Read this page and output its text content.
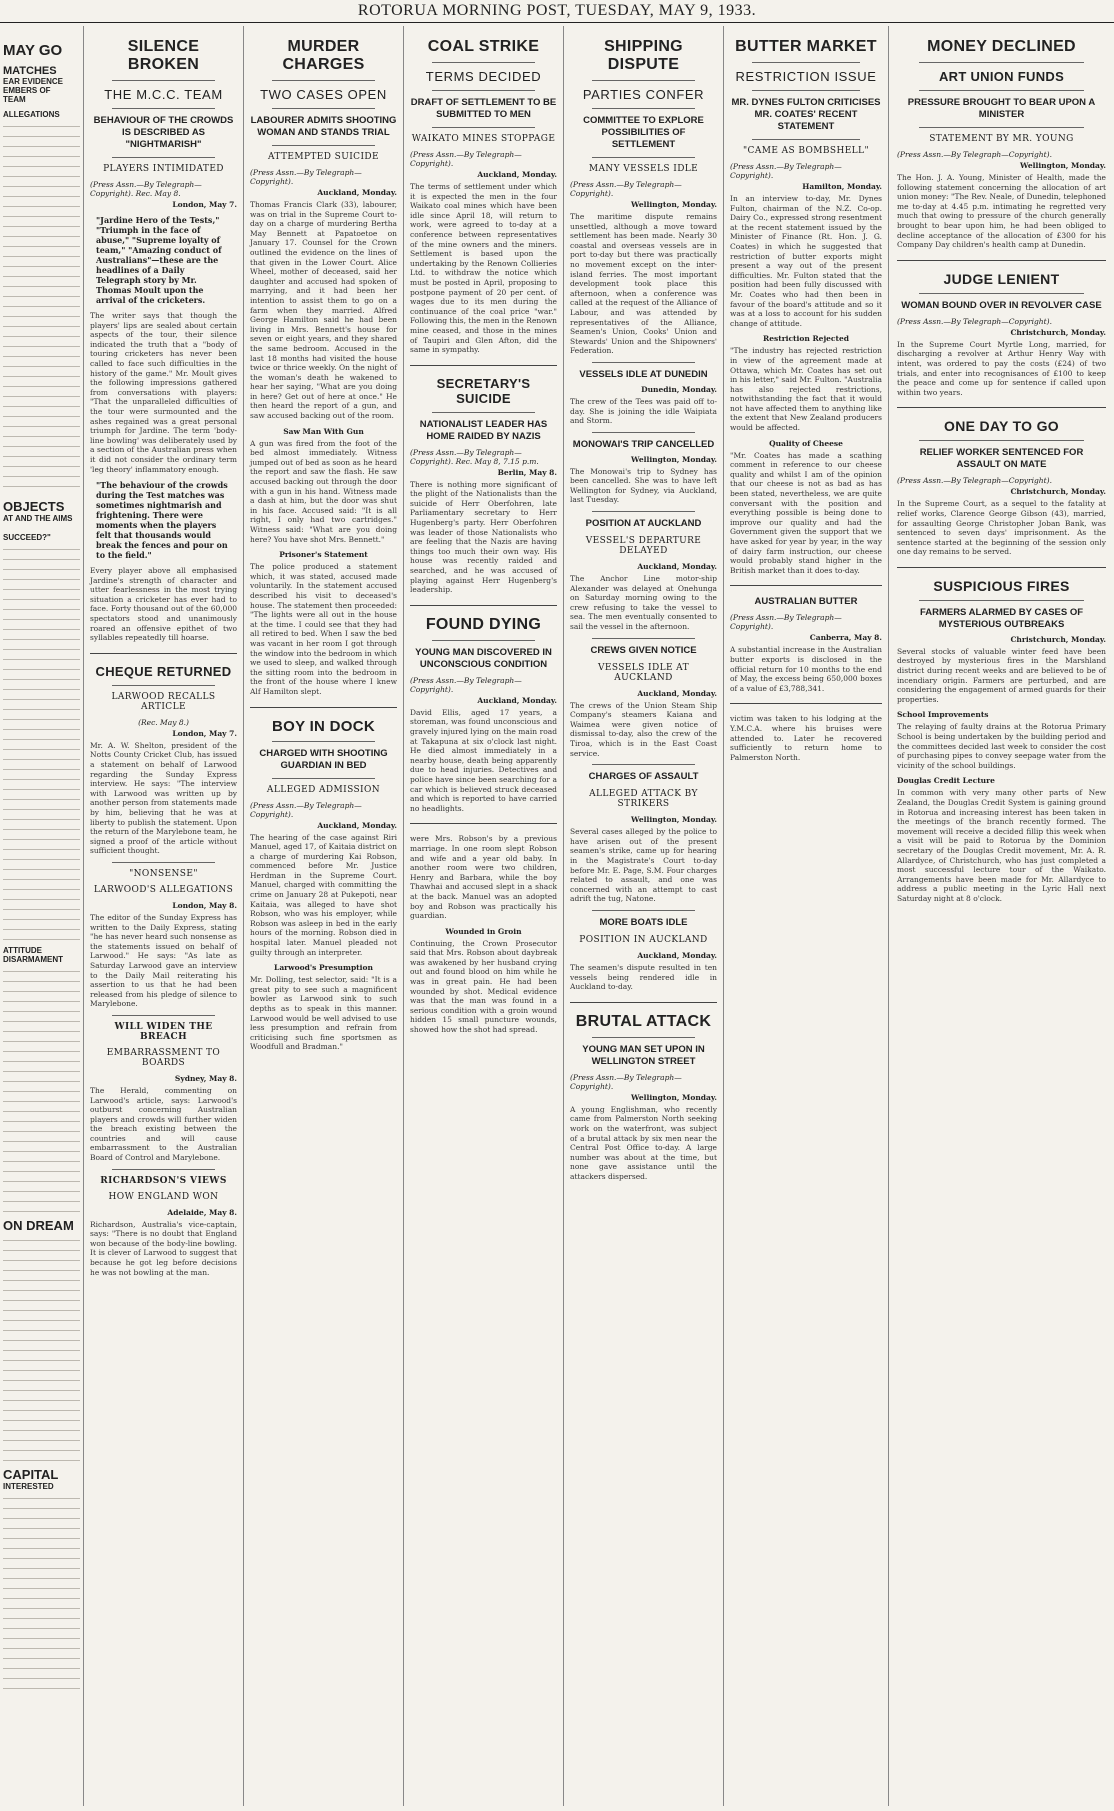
ROTORUA MORNING POST, TUESDAY, MAY 9, 1933.
MAY GO
MATCHES
EAR EVIDENCE
EMBERS OF
TEAM
ALLEGATIONS
OBJECTS
AT AND THE AIMS
SUCCEED?"
ATTITUDE
DISARMAMENT
ON DREAM
CAPITAL
INTERESTED
SILENCE BROKEN
THE M.C.C. TEAM
BEHAVIOUR OF THE CROWDS IS DESCRIBED AS "NIGHTMARISH"
PLAYERS INTIMIDATED
(Press Assn.—By Telegraph—Copyright). Rec. May 8.
London, May 7.
"Jardine Hero of the Tests," "Triumph in the face of abuse," "Supreme loyalty of team," "Amazing conduct of Australians"—these are the headlines of a Daily Telegraph story by Mr. Thomas Moult upon the arrival of the cricketers.
The writer says that though the players' lips are sealed about certain aspects of the tour, their silence indicated the truth that a "body of touring cricketers has never been called to face such difficulties in the history of the game." Mr. Moult gives the following impressions gathered from conversations with players: "That the unparalleled difficulties of the tour were surmounted and the ashes regained was a great personal triumph for Jardine. The term 'body-line bowling' was deliberately used by a section of the Australian press when it did not consider the ordinary term 'leg theory' inflammatory enough.
"The behaviour of the crowds during the Test matches was sometimes nightmarish and frightening. There were moments when the players felt that thousands would break the fences and pour on to the field."
Every player above all emphasised Jardine's strength of character and utter fearlessness in the most trying situation a cricketer has ever had to face. Forty thousand out of the 60,000 spectators stood and unanimously roared an offensive epithet of two syllables repeatedly till hoarse.
CHEQUE RETURNED
LARWOOD RECALLS ARTICLE
(Rec. May 8.)
London, May 7.
Mr. A. W. Shelton, president of the Notts County Cricket Club, has issued a statement on behalf of Larwood regarding the Sunday Express interview. He says: "The interview with Larwood was written up by another person from statements made by him, believing that he was at liberty to publish the statement. Upon the return of the Marylebone team, he signed a proof of the article without sufficient thought.
"NONSENSE"
LARWOOD'S ALLEGATIONS
London, May 8.
The editor of the Sunday Express has written to the Daily Express, stating "he has never heard such nonsense as the statements issued on behalf of Larwood." He says: "As late as Saturday Larwood gave an interview to the Daily Mail reiterating his assertion to us that he had been released from his pledge of silence to Marylebone.
WILL WIDEN THE BREACH
EMBARRASSMENT TO BOARDS
Sydney, May 8.
The Herald, commenting on Larwood's article, says: Larwood's outburst concerning Australian players and crowds will further widen the breach existing between the countries and will cause embarrassment to the Australian Board of Control and Marylebone.
RICHARDSON'S VIEWS
HOW ENGLAND WON
Adelaide, May 8.
Richardson, Australia's vice-captain, says: "There is no doubt that England won because of the body-line bowling. It is clever of Larwood to suggest that because he got leg before decisions he was not bowling at the man.
MURDER CHARGES
TWO CASES OPEN
LABOURER ADMITS SHOOTING WOMAN AND STANDS TRIAL
ATTEMPTED SUICIDE
(Press Assn.—By Telegraph—Copyright).
Auckland, Monday.
Thomas Francis Clark (33), labourer, was on trial in the Supreme Court to-day on a charge of murdering Bertha May Bennett at Papatoetoe on January 17. Counsel for the Crown outlined the evidence on the lines of that given in the Lower Court. Alice Wheel, mother of deceased, said her daughter and accused had spoken of marrying, and it had been her intention to assist them to go on a farm when they married. Alfred George Hamilton said he had been living in Mrs. Bennett's house for seven or eight years, and they shared the same bedroom. Accused in the last 18 months had visited the house twice or thrice weekly. On the night of the woman's death he wakened to hear her saying, "What are you doing in here? Get out of here at once." He then heard the report of a gun, and saw accused backing out of the room.
Saw Man With Gun
A gun was fired from the foot of the bed almost immediately. Witness jumped out of bed as soon as he heard the report and saw the flash. He saw accused backing out through the door with a gun in his hand. Witness made a dash at him, but the door was shut in his face. Accused said: "It is all right, I only had two cartridges." Witness said: "What are you doing here? You have shot Mrs. Bennett."
Prisoner's Statement
The police produced a statement which, it was stated, accused made voluntarily. In the statement accused described his visit to deceased's house. The statement then proceeded: "The lights were all out in the house at the time. I could see that they had all retired to bed. When I saw the bed was vacant in her room I got through the window into the bedroom in which we used to sleep, and walked through the sitting room into the bedroom in the front of the house where I knew Alf Hamilton slept.
BOY IN DOCK
CHARGED WITH SHOOTING GUARDIAN IN BED
ALLEGED ADMISSION
(Press Assn.—By Telegraph—Copyright).
Auckland, Monday.
The hearing of the case against Riri Manuel, aged 17, of Kaitaia district on a charge of murdering Kai Robson, commenced before Mr. Justice Herdman in the Supreme Court. Manuel, charged with committing the crime on January 28 at Pukepoti, near Kaitaia, was alleged to have shot Robson, who was his employer, while Robson was asleep in bed in the early hours of the morning. Robson died in hospital later. Manuel pleaded not guilty through an interpreter.
Larwood's Presumption
Mr. Dolling, test selector, said: "It is a great pity to see such a magnificent bowler as Larwood sink to such depths as to speak in this manner. Larwood would be well advised to use less presumption and refrain from criticising such fine sportsmen as Woodfull and Bradman."
COAL STRIKE
TERMS DECIDED
DRAFT OF SETTLEMENT TO BE SUBMITTED TO MEN
WAIKATO MINES STOPPAGE
(Press Assn.—By Telegraph—Copyright).
Auckland, Monday.
The terms of settlement under which it is expected the men in the four Waikato coal mines which have been idle since April 18, will return to work, were agreed to to-day at a conference between representatives of the mine owners and the miners. Settlement is based upon the undertaking by the Renown Collieries Ltd. to withdraw the notice which must be posted in April, proposing to postpone payment of 20 per cent. of wages due to its men during the continuance of the coal price "war." Following this, the men in the Renown mine ceased, and those in the mines of Taupiri and Glen Afton, did the same in sympathy.
SECRETARY'S SUICIDE
NATIONALIST LEADER HAS HOME RAIDED BY NAZIS
(Press Assn.—By Telegraph—Copyright). Rec. May 8, 7.15 p.m.
Berlin, May 8.
There is nothing more significant of the plight of the Nationalists than the suicide of Herr Oberfohren, late Parliamentary secretary to Herr Hugenberg's party. Herr Oberfohren was leader of those Nationalists who are feeling that the Nazis are having things too much their own way. His house was recently raided and searched, and he was accused of playing against Herr Hugenberg's leadership.
FOUND DYING
YOUNG MAN DISCOVERED IN UNCONSCIOUS CONDITION
(Press Assn.—By Telegraph—Copyright).
Auckland, Monday.
David Ellis, aged 17 years, a storeman, was found unconscious and gravely injured lying on the main road at Takapuna at six o'clock last night. He died almost immediately in a nearby house, death being apparently due to head injuries. Detectives and police have since been searching for a car which is believed struck deceased and which is reported to have carried no headlights.
were Mrs. Robson's by a previous marriage. In one room slept Robson and wife and a year old baby. In another room were two children, Henry and Barbara, while the boy Thawhai and accused slept in a shack at the back. Manuel was an adopted boy and Robson was practically his guardian.
Wounded in Groin
Continuing, the Crown Prosecutor said that Mrs. Robson about daybreak was awakened by her husband crying out and found blood on him while he was in great pain. He had been wounded by shot. Medical evidence was that the man was found in a serious condition with a groin wound hidden 15 small puncture wounds, showed how the shot had spread.
SHIPPING DISPUTE
PARTIES CONFER
COMMITTEE TO EXPLORE POSSIBILITIES OF SETTLEMENT
MANY VESSELS IDLE
(Press Assn.—By Telegraph—Copyright).
Wellington, Monday.
The maritime dispute remains unsettled, although a move toward settlement has been made. Nearly 30 coastal and overseas vessels are in port to-day but there was practically no movement except on the inter-island ferries. The most important development took place this afternoon, when a conference was called at the request of the Alliance of Labour, and was attended by representatives of the Alliance, Seamen's Union, Cooks' Union and Stewards' Union and the Shipowners' Federation.
VESSELS IDLE AT DUNEDIN
Dunedin, Monday.
The crew of the Tees was paid off to-day. She is joining the idle Waipiata and Storm.
MONOWAI'S TRIP CANCELLED
Wellington, Monday.
The Monowai's trip to Sydney has been cancelled. She was to have left Wellington for Sydney, via Auckland, last Tuesday.
POSITION AT AUCKLAND
VESSEL'S DEPARTURE DELAYED
Auckland, Monday.
The Anchor Line motor-ship Alexander was delayed at Onehunga on Saturday morning owing to the crew refusing to take the vessel to sea. The men eventually consented to sail the vessel in the afternoon.
CREWS GIVEN NOTICE
VESSELS IDLE AT AUCKLAND
Auckland, Monday.
The crews of the Union Steam Ship Company's steamers Kaiana and Waimea were given notice of dismissal to-day, also the crew of the Tiroa, which is in the East Coast service.
CHARGES OF ASSAULT
ALLEGED ATTACK BY STRIKERS
Wellington, Monday.
Several cases alleged by the police to have arisen out of the present seamen's strike, came up for hearing in the Magistrate's Court to-day before Mr. E. Page, S.M. Four charges related to assault, and one was concerned with an attempt to cast adrift the tug, Natone.
MORE BOATS IDLE
POSITION IN AUCKLAND
Auckland, Monday.
The seamen's dispute resulted in ten vessels being rendered idle in Auckland to-day.
BRUTAL ATTACK
YOUNG MAN SET UPON IN WELLINGTON STREET
(Press Assn.—By Telegraph—Copyright).
Wellington, Monday.
A young Englishman, who recently came from Palmerston North seeking work on the waterfront, was subject of a brutal attack by six men near the Central Post Office to-day. A large number was about at the time, but none gave assistance until the attackers dispersed.
BUTTER MARKET
RESTRICTION ISSUE
MR. DYNES FULTON CRITICISES MR. COATES' RECENT STATEMENT
"CAME AS BOMBSHELL"
(Press Assn.—By Telegraph—Copyright).
Hamilton, Monday.
In an interview to-day, Mr. Dynes Fulton, chairman of the N.Z. Co-op. Dairy Co., expressed strong resentment at the recent statement issued by the Minister of Finance (Rt. Hon. J. G. Coates) in which he suggested that restriction of butter exports might present a way out of the present difficulties. Mr. Fulton stated that the position had been fully discussed with Mr. Coates who had then been in favour of the board's attitude and so it was at a loss to account for his sudden change of attitude.
Restriction Rejected
"The industry has rejected restriction in view of the agreement made at Ottawa, which Mr. Coates has set out in his letter," said Mr. Fulton. "Australia has also rejected restrictions, notwithstanding the fact that it would not have affected them to anything like the extent that New Zealand producers would be affected.
Quality of Cheese
"Mr. Coates has made a scathing comment in reference to our cheese quality and whilst I am of the opinion that our cheese is not as bad as has been stated, nevertheless, we are quite conversant with the position and everything possible is being done to improve our quality and had the Government given the support that we have asked for year by year, in the way of dairy farm instruction, our cheese would probably stand higher in the British market than it does to-day.
AUSTRALIAN BUTTER
(Press Assn.—By Telegraph—Copyright).
Canberra, May 8.
A substantial increase in the Australian butter exports is disclosed in the official return for 10 months to the end of May, the excess being 650,000 boxes of a value of £3,788,341.
victim was taken to his lodging at the Y.M.C.A. where his bruises were attended to. Later he recovered sufficiently to return home to Palmerston North.
MONEY DECLINED
ART UNION FUNDS
PRESSURE BROUGHT TO BEAR UPON A MINISTER
STATEMENT BY MR. YOUNG
(Press Assn.—By Telegraph—Copyright).
Wellington, Monday.
The Hon. J. A. Young, Minister of Health, made the following statement concerning the allocation of art union money: "The Rev. Neale, of Dunedin, telephoned me to-day at 4.45 p.m. intimating he regretted very much that owing to pressure of the church generally brought to bear upon him, he had been obliged to decline acceptance of the allocation of £300 for his Company Day children's health camp at Dunedin.
JUDGE LENIENT
WOMAN BOUND OVER IN REVOLVER CASE
(Press Assn.—By Telegraph—Copyright).
Christchurch, Monday.
In the Supreme Court Myrtle Long, married, for discharging a revolver at Arthur Henry Way with intent, was ordered to pay the costs (£24) of two trials, and enter into recognisances of £100 to keep the peace and come up for sentence if called upon within two years.
ONE DAY TO GO
RELIEF WORKER SENTENCED FOR ASSAULT ON MATE
(Press Assn.—By Telegraph—Copyright).
Christchurch, Monday.
In the Supreme Court, as a sequel to the fatality at relief works, Clarence George Gibson (43), married, for assaulting George Christopher Joban Bank, was sentenced to seven days' imprisonment. As the sentence started at the beginning of the session only one day remains to be served.
SUSPICIOUS FIRES
FARMERS ALARMED BY CASES OF MYSTERIOUS OUTBREAKS
Christchurch, Monday.
Several stocks of valuable winter feed have been destroyed by mysterious fires in the Marshland district during recent weeks and are believed to be of incendiary origin. Farmers are perturbed, and are considering the engagement of armed guards for their properties.
School Improvements
The relaying of faulty drains at the Rotorua Primary School is being undertaken by the building period and the committees decided last week to consider the cost of purchasing pipes to convey seepage water from the vicinity of the school buildings.
Douglas Credit Lecture
In common with very many other parts of New Zealand, the Douglas Credit System is gaining ground in Rotorua and increasing interest has been taken in the meetings of the branch recently formed. The movement will receive a decided fillip this week when a visit will be paid to Rotorua by the Dominion secretary of the Douglas Credit movement, Mr. A. R. Allardyce, of Christchurch, who has just completed a most successful lecture tour of the Waikato. Arrangements have been made for Mr. Allardyce to address a public meeting in the Lyric Hall next Saturday night at 8 o'clock.
